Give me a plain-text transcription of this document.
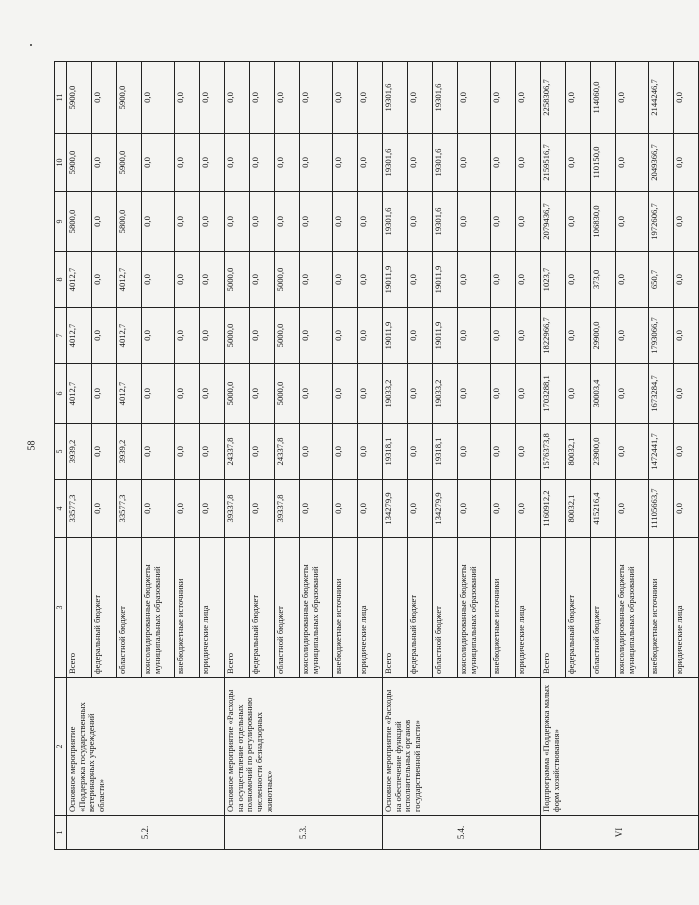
58
1	2	3	4	5	6	7	8	9	10	11
5.2.	Основное мероприятие «Поддержка государственных ветеринарных учреждений области»	Всего	33577,3	3939,2	4012,7	4012,7	4012,7	5800,0	5900,0	5900,0
		федеральный бюджет	0,0	0,0	0,0	0,0	0,0	0,0	0,0	0,0
		областной бюджет	33577,3	3939,2	4012,7	4012,7	4012,7	5800,0	5900,0	5900,0
		консолидированные бюджеты муниципальных образований	0,0	0,0	0,0	0,0	0,0	0,0	0,0	0,0
		внебюджетные источники	0,0	0,0	0,0	0,0	0,0	0,0	0,0	0,0
		юридические лица	0,0	0,0	0,0	0,0	0,0	0,0	0,0	0,0
5.3.	Основное мероприятие «Расходы на осуществление отдельных полномочий по регулированию численности безнадзорных животных»	Всего	39337,8	24337,8	5000,0	5000,0	5000,0	0,0	0,0	0,0
		федеральный бюджет	0,0	0,0	0,0	0,0	0,0	0,0	0,0	0,0
		областной бюджет	39337,8	24337,8	5000,0	5000,0	5000,0	0,0	0,0	0,0
		консолидированные бюджеты муниципальных образований	0,0	0,0	0,0	0,0	0,0	0,0	0,0	0,0
		внебюджетные источники	0,0	0,0	0,0	0,0	0,0	0,0	0,0	0,0
		юридические лица	0,0	0,0	0,0	0,0	0,0	0,0	0,0	0,0
5.4.	Основное мероприятие «Расходы на обеспечение функций исполнительных органов государственной власти»	Всего	134279,9	19318,1	19033,2	19011,9	19011,9	19301,6	19301,6	19301,6
		федеральный бюджет	0,0	0,0	0,0	0,0	0,0	0,0	0,0	0,0
		областной бюджет	134279,9	19318,1	19033,2	19011,9	19011,9	19301,6	19301,6	19301,6
		консолидированные бюджеты муниципальных образований	0,0	0,0	0,0	0,0	0,0	0,0	0,0	0,0
		внебюджетные источники	0,0	0,0	0,0	0,0	0,0	0,0	0,0	0,0
		юридические лица	0,0	0,0	0,0	0,0	0,0	0,0	0,0	0,0
VI	Подпрограмма «Поддержка малых форм хозяйствования»	Всего	1160912,2	1576373,8	1703288,1	1822966,7	1023,7	2079436,7	2159516,7	2258306,7
		федеральный бюджет	80032,1	80032,1	0,0	0,0	0,0	0,0	0,0	0,0
		областной бюджет	415216,4	23900,0	30003,4	29900,0	373,0	106830,0	110150,0	114060,0
		консолидированные бюджеты муниципальных образований	0,0	0,0	0,0	0,0	0,0	0,0	0,0	0,0
		внебюджетные источники	11105663,7	1472441,7	1673284,7	1793066,7	650,7	1972606,7	2049366,7	2144246,7
		юридические лица	0,0	0,0	0,0	0,0	0,0	0,0	0,0	0,0
